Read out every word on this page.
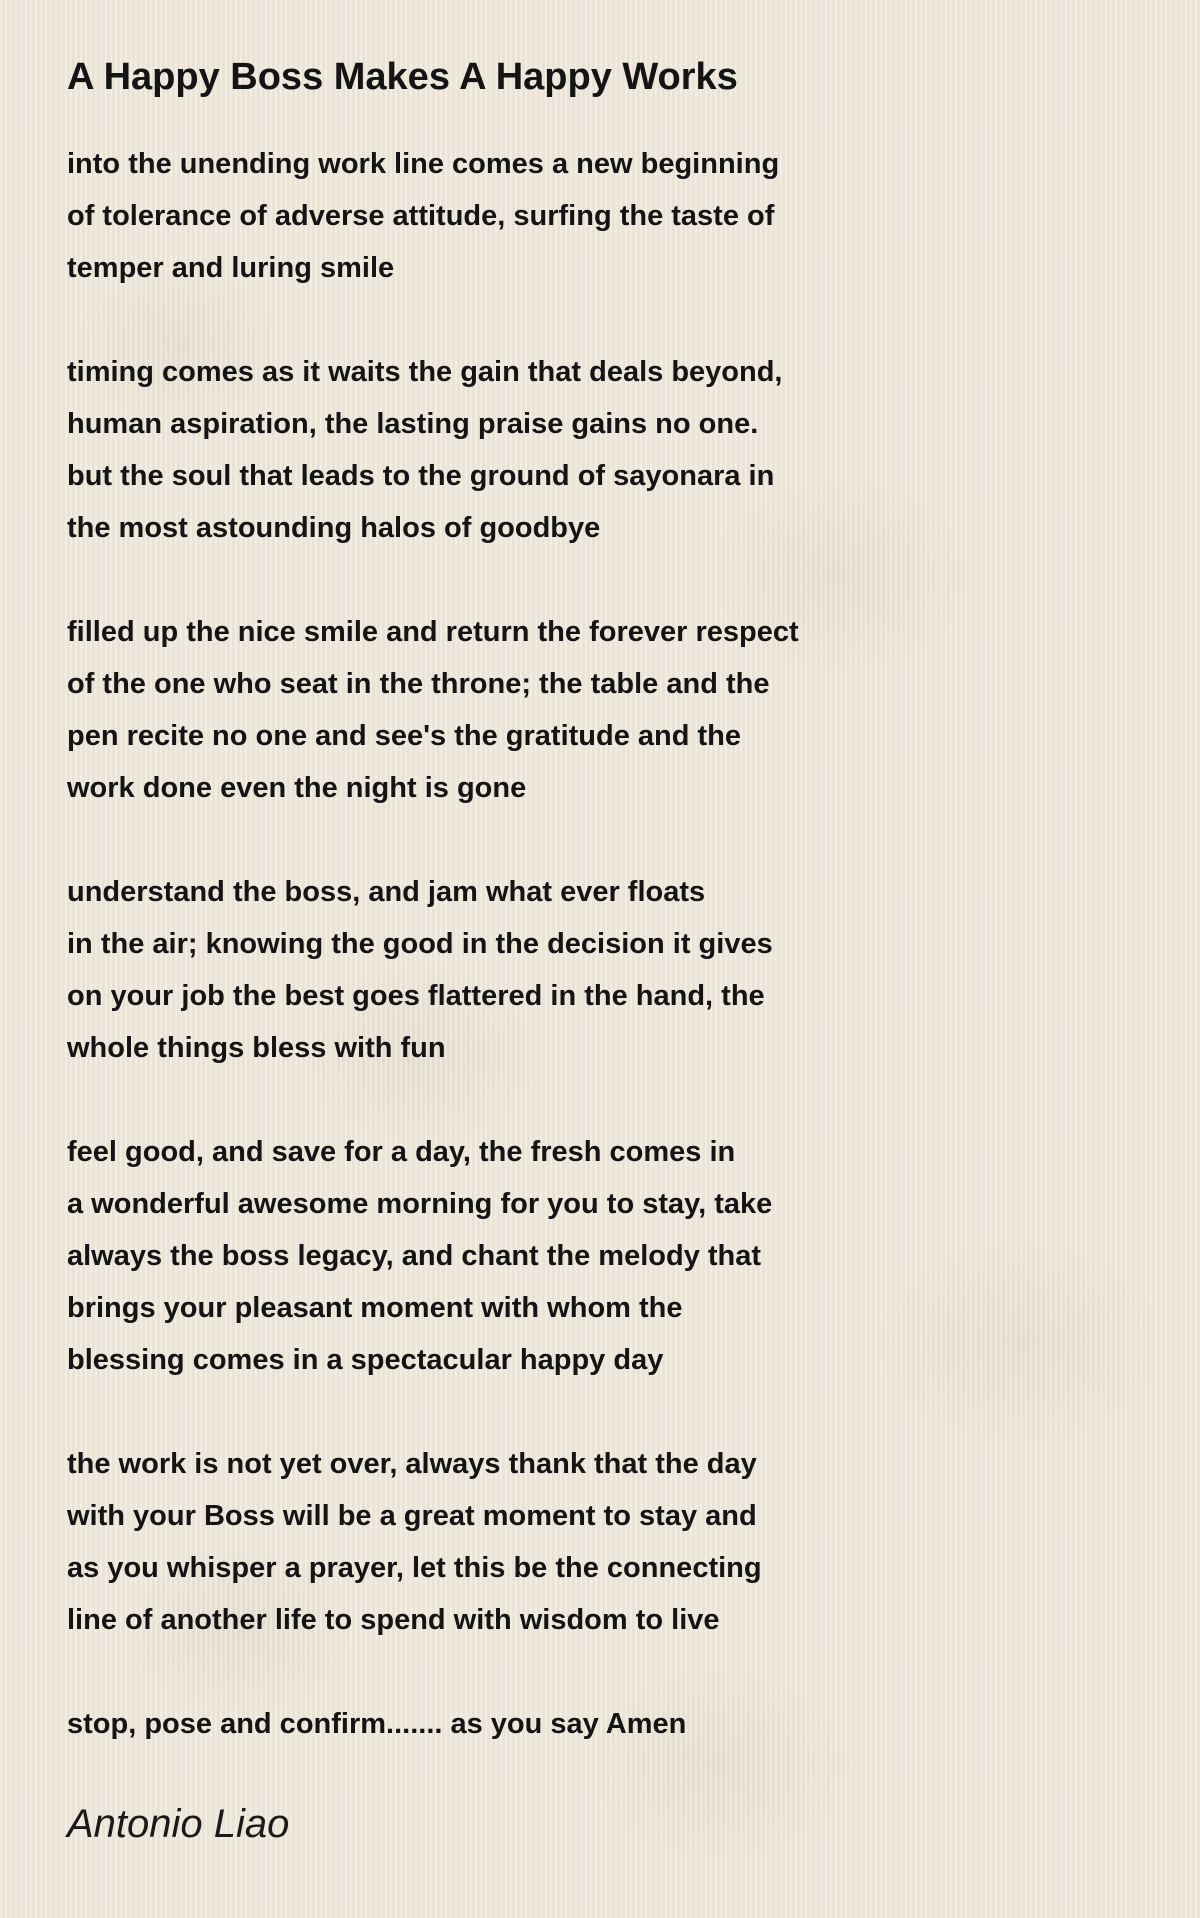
A Happy Boss Makes A Happy Works
into the unending work line comes a new beginning
of tolerance of adverse attitude, surfing the taste of
temper and luring smile
timing comes as it waits the gain that deals beyond,
human aspiration, the lasting praise gains no one.
but the soul that leads to the ground of sayonara in
the most astounding halos of goodbye
filled up the nice smile and return the forever respect
of the one who seat in the throne; the table and the
pen recite no one and see's the gratitude and the
work done even the night is gone
understand the boss, and jam what ever floats
in the air; knowing the good in the decision it gives
on your job the best goes flattered in the hand, the
whole things bless with fun
feel good, and save for a day, the fresh comes in
a wonderful awesome morning for you to stay, take
always the boss legacy, and chant the melody that
brings your pleasant moment with whom the
blessing comes in a spectacular happy day
the work is not yet over, always thank that the day
with your Boss will be a great moment to stay and
as you whisper a prayer, let this be the connecting
line of another life to spend with wisdom to live
stop, pose and confirm....... as you say Amen
Antonio Liao
